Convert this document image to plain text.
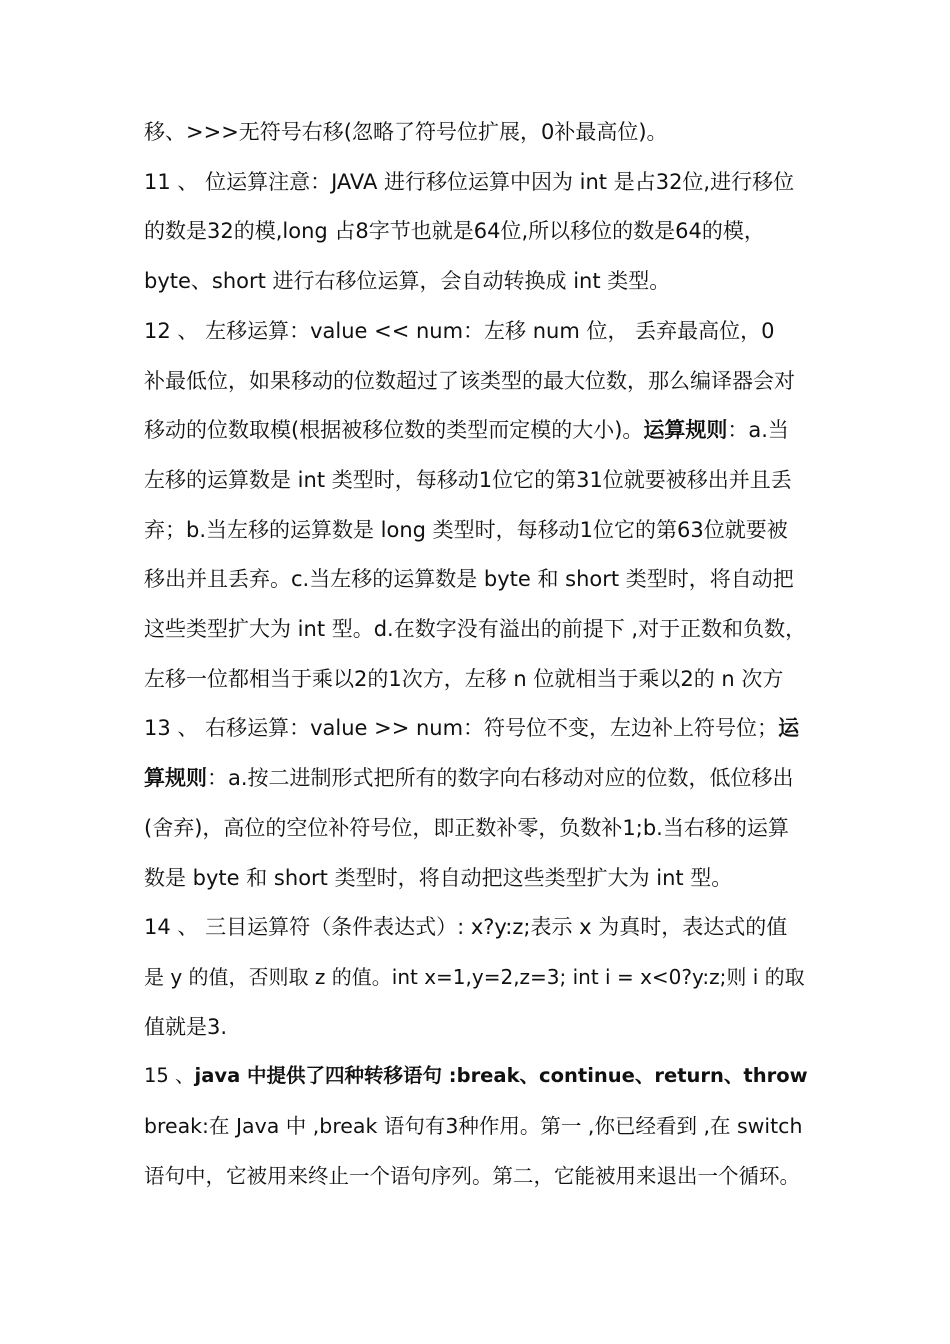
移、>>>无符号右移(忽略了符号位扩展，0补最高位)。
11 、 位运算注意：JAVA 进行移位运算中因为 int 是占32位,进行移位
的数是32的模,long 占8字节也就是64位,所以移位的数是64的模，
byte、short 进行右移位运算，会自动转换成 int 类型。
12 、 左移运算：value << num：左移 num 位， 丢弃最高位，0
补最低位，如果移动的位数超过了该类型的最大位数，那么编译器会对
移动的位数取模(根据被移位数的类型而定模的大小)。运算规则：a.当
左移的运算数是 int 类型时，每移动1位它的第31位就要被移出并且丢
弃；b.当左移的运算数是 long 类型时，每移动1位它的第63位就要被
移出并且丢弃。c.当左移的运算数是 byte 和 short 类型时，将自动把
这些类型扩大为 int 型。d.在数字没有溢出的前提下 ,对于正数和负数，
左移一位都相当于乘以2的1次方，左移 n 位就相当于乘以2的 n 次方
13 、 右移运算：value >> num：符号位不变，左边补上符号位；运
算规则：a.按二进制形式把所有的数字向右移动对应的位数，低位移出
(舍弃)，高位的空位补符号位，即正数补零，负数补1;b.当右移的运算
数是 byte 和 short 类型时，将自动把这些类型扩大为 int 型。
14 、 三目运算符（条件表达式）: x?y:z;表示 x 为真时，表达式的值
是 y 的值，否则取 z 的值。int x=1,y=2,z=3; int i = x<0?y:z;则 i 的取
值就是3.
15 、java 中提供了四种转移语句 :break、continue、return、throw
break:在 Java 中 ,break 语句有3种作用。第一 ,你已经看到 ,在 switch
语句中，它被用来终止一个语句序列。第二，它能被用来退出一个循环。
